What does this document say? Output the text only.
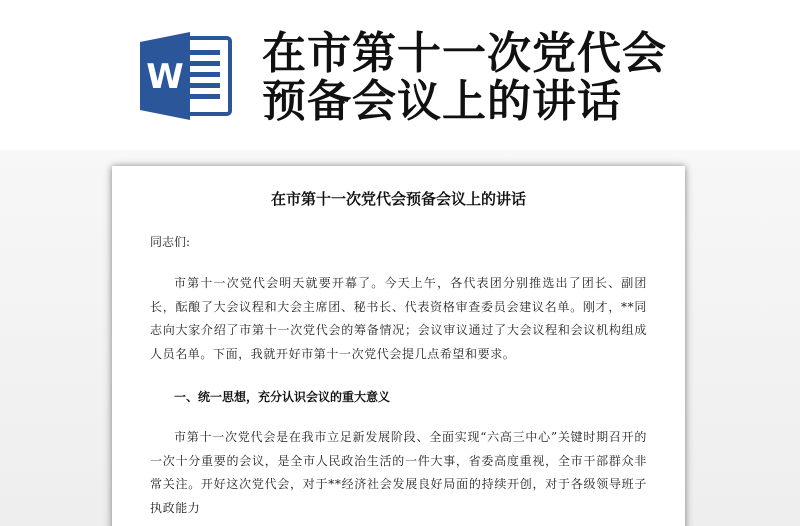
W 在市第十一次党代会
预备会议上的讲话
在市第十一次党代会预备会议上的讲话

同志们:

市第十一次党代会明天就要开幕了。今天上午，各代表团分别推选出了团长、副团长，酝酿了大会议程和大会主席团、秘书长、代表资格审查委员会建议名单。刚才，**同志向大家介绍了市第十一次党代会的筹备情况；会议审议通过了大会议程和会议机构组成人员名单。下面，我就开好市第十一次党代会提几点希望和要求。

一、统一思想，充分认识会议的重大意义

市第十一次党代会是在我市立足新发展阶段、全面实现“六高三中心”关键时期召开的一次十分重要的会议，是全市人民政治生活的一件大事，省委高度重视，全市干部群众非常关注。开好这次党代会，对于**经济社会发展良好局面的持续开创，对于各级领导班子执政能力
